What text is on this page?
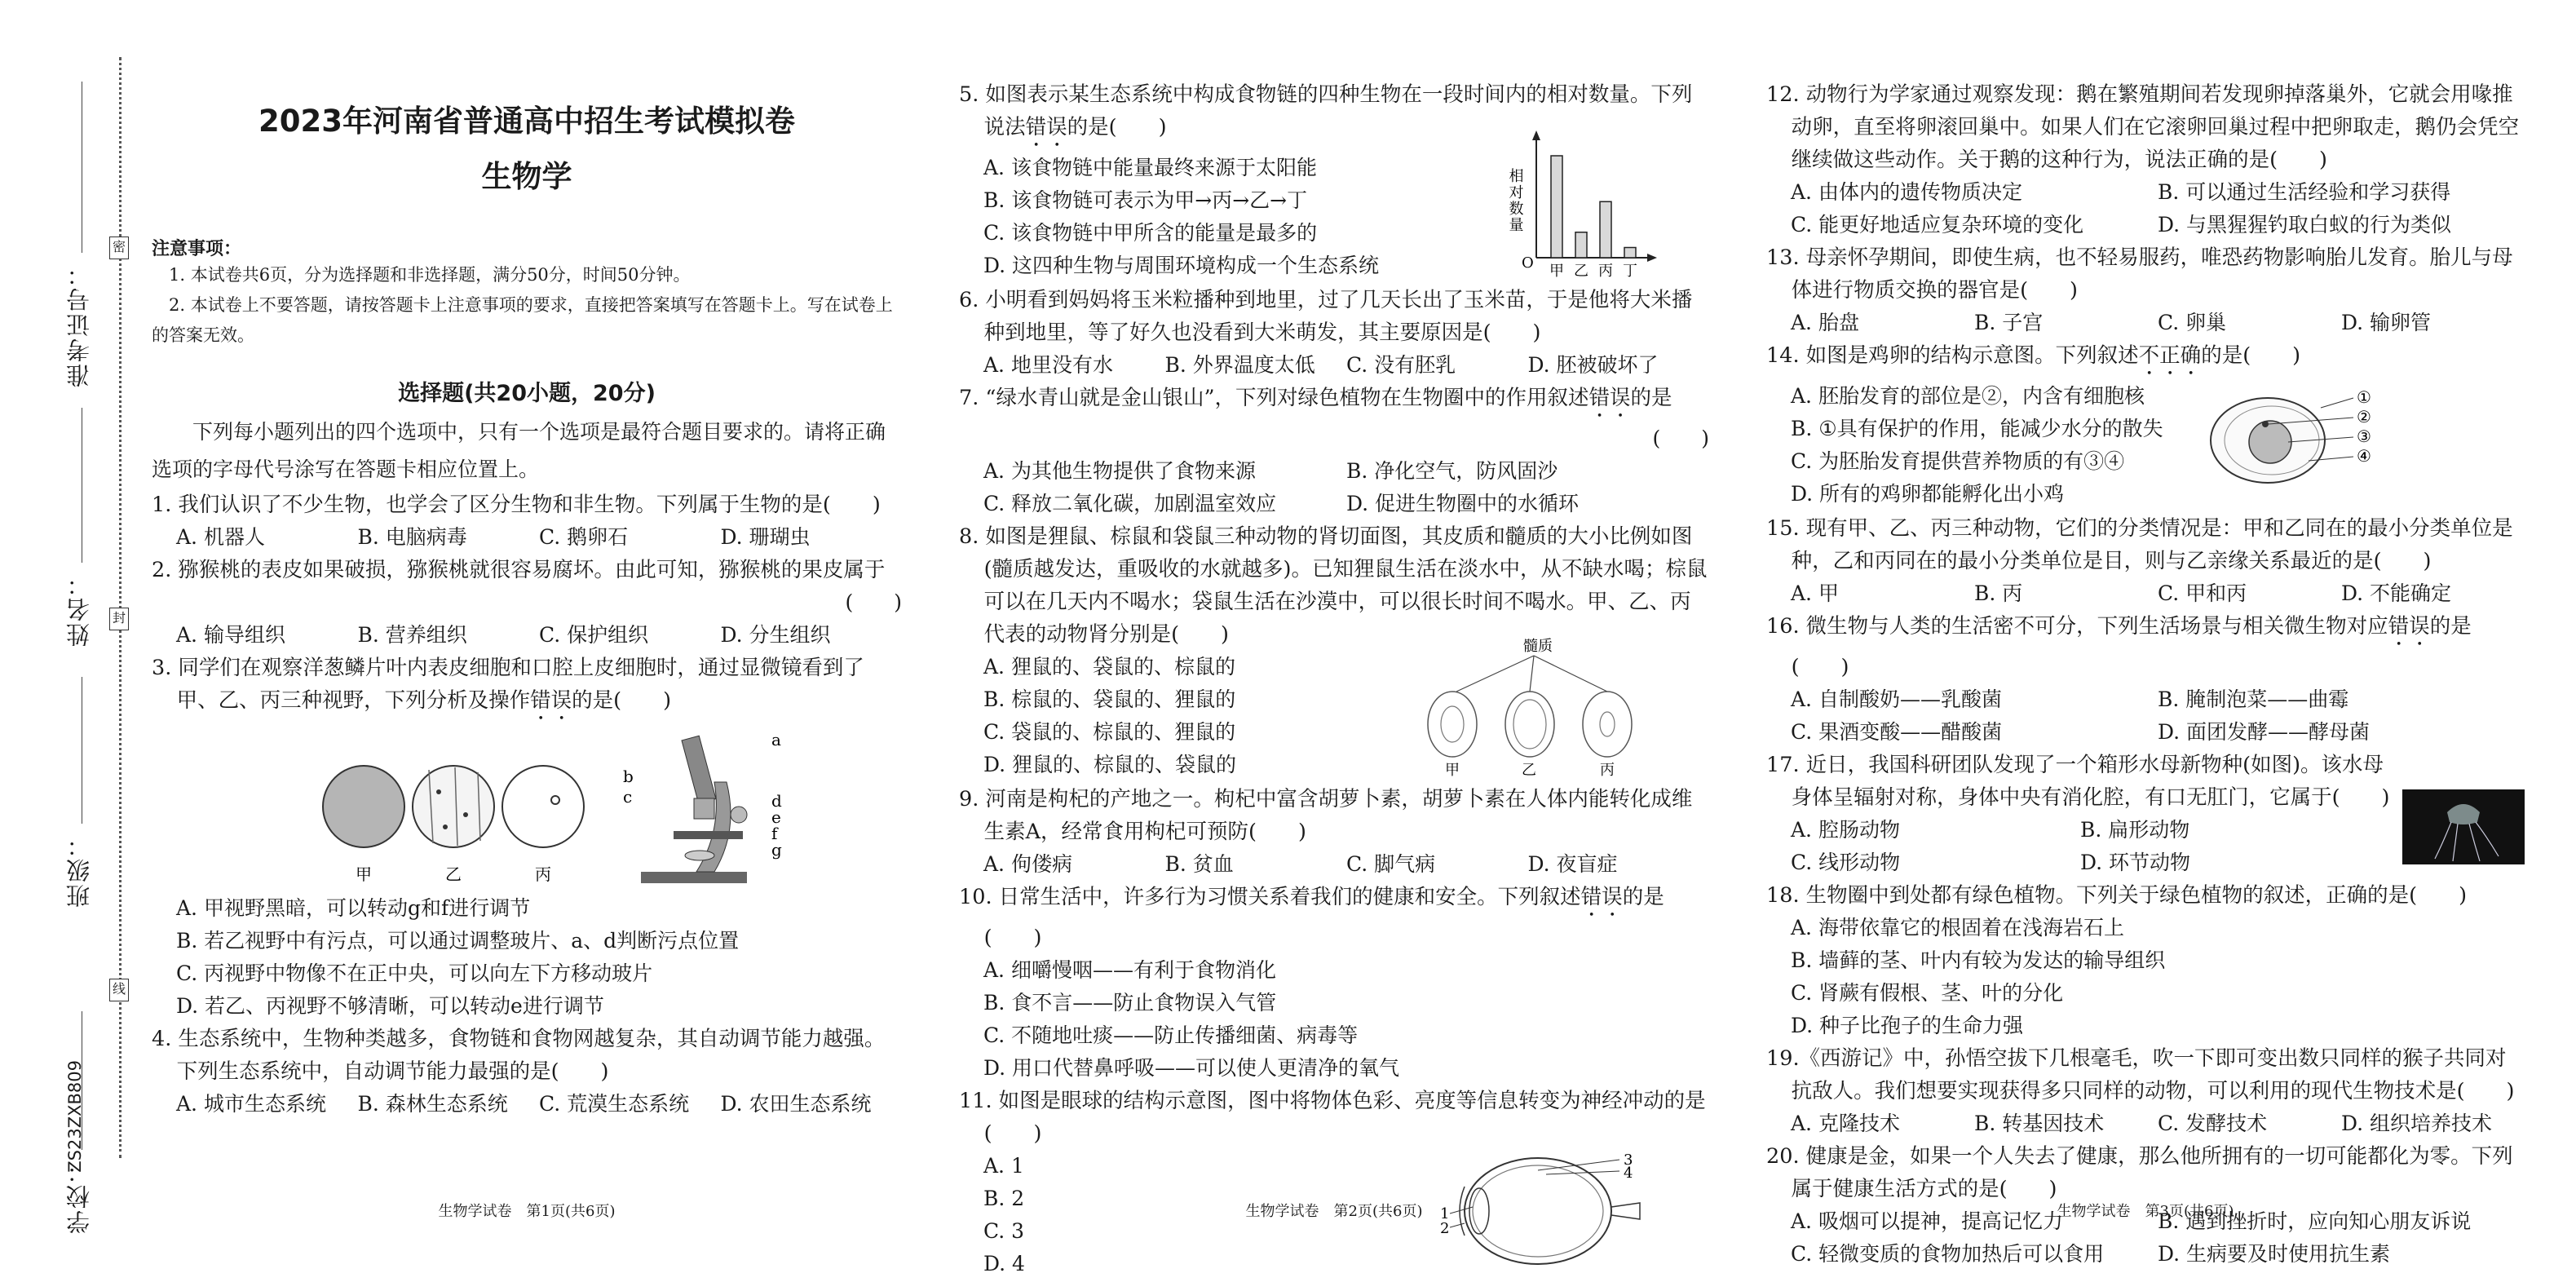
密
封
线
准考证号：
姓名：
班级：
学校：
ZS23ZXB809
2023年河南省普通高中招生考试模拟卷
生物学
注意事项：
1. 本试卷共6页，分为选择题和非选择题，满分50分，时间50分钟。
2. 本试卷上不要答题，请按答题卡上注意事项的要求，直接把答案填写在答题卡上。写在试卷上的答案无效。
选择题(共20小题，20分)
下列每小题列出的四个选项中，只有一个选项是最符合题目要求的。请将正确选项的字母代号涂写在答题卡相应位置上。
1. 我们认识了不少生物，也学会了区分生物和非生物。下列属于生物的是(　　)
A. 机器人	B. 电脑病毒	C. 鹅卵石	D. 珊瑚虫
2. 猕猴桃的表皮如果破损，猕猴桃就很容易腐坏。由此可知，猕猴桃的果皮属于
(　　)
A. 输导组织	B. 营养组织	C. 保护组织	D. 分生组织
3. 同学们在观察洋葱鳞片叶内表皮细胞和口腔上皮细胞时，通过显微镜看到了甲、乙、丙三种视野，下列分析及操作错误的是(　　)
a
b
c	d
e
f
g
甲	乙	丙
A. 甲视野黑暗，可以转动g和f进行调节
B. 若乙视野中有污点，可以通过调整玻片、a、d判断污点位置
C. 丙视野中物像不在正中央，可以向左下方移动玻片
D. 若乙、丙视野不够清晰，可以转动e进行调节
4. 生态系统中，生物种类越多，食物链和食物网越复杂，其自动调节能力越强。下列生态系统中，自动调节能力最强的是(　　)
A. 城市生态系统	B. 森林生态系统	C. 荒漠生态系统	D. 农田生态系统
生物学试卷　第1页(共6页)
5. 如图表示某生态系统中构成食物链的四种生物在一段时间内的相对数量。下列说法错误的是(　　)
A. 该食物链中能量最终来源于太阳能
B. 该食物链可表示为甲→丙→乙→丁
C. 该食物链中甲所含的能量是最多的
D. 这四种生物与周围环境构成一个生态系统
相对数量
O 甲 乙 丙 丁
6. 小明看到妈妈将玉米粒播种到地里，过了几天长出了玉米苗，于是他将大米播种到地里，等了好久也没看到大米萌发，其主要原因是(　　)
A. 地里没有水	B. 外界温度太低	C. 没有胚乳	D. 胚被破坏了
7. “绿水青山就是金山银山”，下列对绿色植物在生物圈中的作用叙述错误的是
(　　)
A. 为其他生物提供了食物来源	B. 净化空气，防风固沙
C. 释放二氧化碳，加剧温室效应	D. 促进生物圈中的水循环
8. 如图是狸鼠、棕鼠和袋鼠三种动物的肾切面图，其皮质和髓质的大小比例如图(髓质越发达，重吸收的水就越多)。已知狸鼠生活在淡水中，从不缺水喝；棕鼠可以在几天内不喝水；袋鼠生活在沙漠中，可以很长时间不喝水。甲、乙、丙代表的动物肾分别是(　　)
A. 狸鼠的、袋鼠的、棕鼠的
B. 棕鼠的、袋鼠的、狸鼠的
C. 袋鼠的、棕鼠的、狸鼠的
D. 狸鼠的、棕鼠的、袋鼠的
髓质
甲	乙	丙
9. 河南是枸杞的产地之一。枸杞中富含胡萝卜素，胡萝卜素在人体内能转化成维生素A，经常食用枸杞可预防(　　)
A. 佝偻病	B. 贫血	C. 脚气病	D. 夜盲症
10. 日常生活中，许多行为习惯关系着我们的健康和安全。下列叙述错误的是(　　)
A. 细嚼慢咽——有利于食物消化
B. 食不言——防止食物误入气管
C. 不随地吐痰——防止传播细菌、病毒等
D. 用口代替鼻呼吸——可以使人更清净的氧气
11. 如图是眼球的结构示意图，图中将物体色彩、亮度等信息转变为神经冲动的是(　　)
A. 1
B. 2
C. 3
D. 4
1
2
3
4
生物学试卷　第2页(共6页)
12. 动物行为学家通过观察发现：鹅在繁殖期间若发现卵掉落巢外，它就会用喙推动卵，直至将卵滚回巢中。如果人们在它滚卵回巢过程中把卵取走，鹅仍会凭空继续做这些动作。关于鹅的这种行为，说法正确的是(　　)
A. 由体内的遗传物质决定	B. 可以通过生活经验和学习获得
C. 能更好地适应复杂环境的变化	D. 与黑猩猩钓取白蚁的行为类似
13. 母亲怀孕期间，即使生病，也不轻易服药，唯恐药物影响胎儿发育。胎儿与母体进行物质交换的器官是(　　)
A. 胎盘	B. 子宫	C. 卵巢	D. 输卵管
14. 如图是鸡卵的结构示意图。下列叙述不正确的是(　　)
A. 胚胎发育的部位是②，内含有细胞核
B. ①具有保护的作用，能减少水分的散失
C. 为胚胎发育提供营养物质的有③④
D. 所有的鸡卵都能孵化出小鸡
①
②
③
④
15. 现有甲、乙、丙三种动物，它们的分类情况是：甲和乙同在的最小分类单位是种，乙和丙同在的最小分类单位是目，则与乙亲缘关系最近的是(　　)
A. 甲	B. 丙	C. 甲和丙	D. 不能确定
16. 微生物与人类的生活密不可分，下列生活场景与相关微生物对应错误的是(　　)
A. 自制酸奶——乳酸菌	B. 腌制泡菜——曲霉
C. 果酒变酸——醋酸菌	D. 面团发酵——酵母菌
17. 近日，我国科研团队发现了一个箱形水母新物种(如图)。该水母身体呈辐射对称，身体中央有消化腔，有口无肛门，它属于(　　)
A. 腔肠动物	B. 扁形动物
C. 线形动物	D. 环节动物
18. 生物圈中到处都有绿色植物。下列关于绿色植物的叙述，正确的是(　　)
A. 海带依靠它的根固着在浅海岩石上
B. 墙藓的茎、叶内有较为发达的输导组织
C. 肾蕨有假根、茎、叶的分化
D. 种子比孢子的生命力强
19.《西游记》中，孙悟空拔下几根毫毛，吹一下即可变出数只同样的猴子共同对抗敌人。我们想要实现获得多只同样的动物，可以利用的现代生物技术是(　　)
A. 克隆技术	B. 转基因技术	C. 发酵技术	D. 组织培养技术
20. 健康是金，如果一个人失去了健康，那么他所拥有的一切可能都化为零。下列属于健康生活方式的是(　　)
A. 吸烟可以提神，提高记忆力	B. 遇到挫折时，应向知心朋友诉说
C. 轻微变质的食物加热后可以食用	D. 生病要及时使用抗生素
生物学试卷　第3页(共6页)
